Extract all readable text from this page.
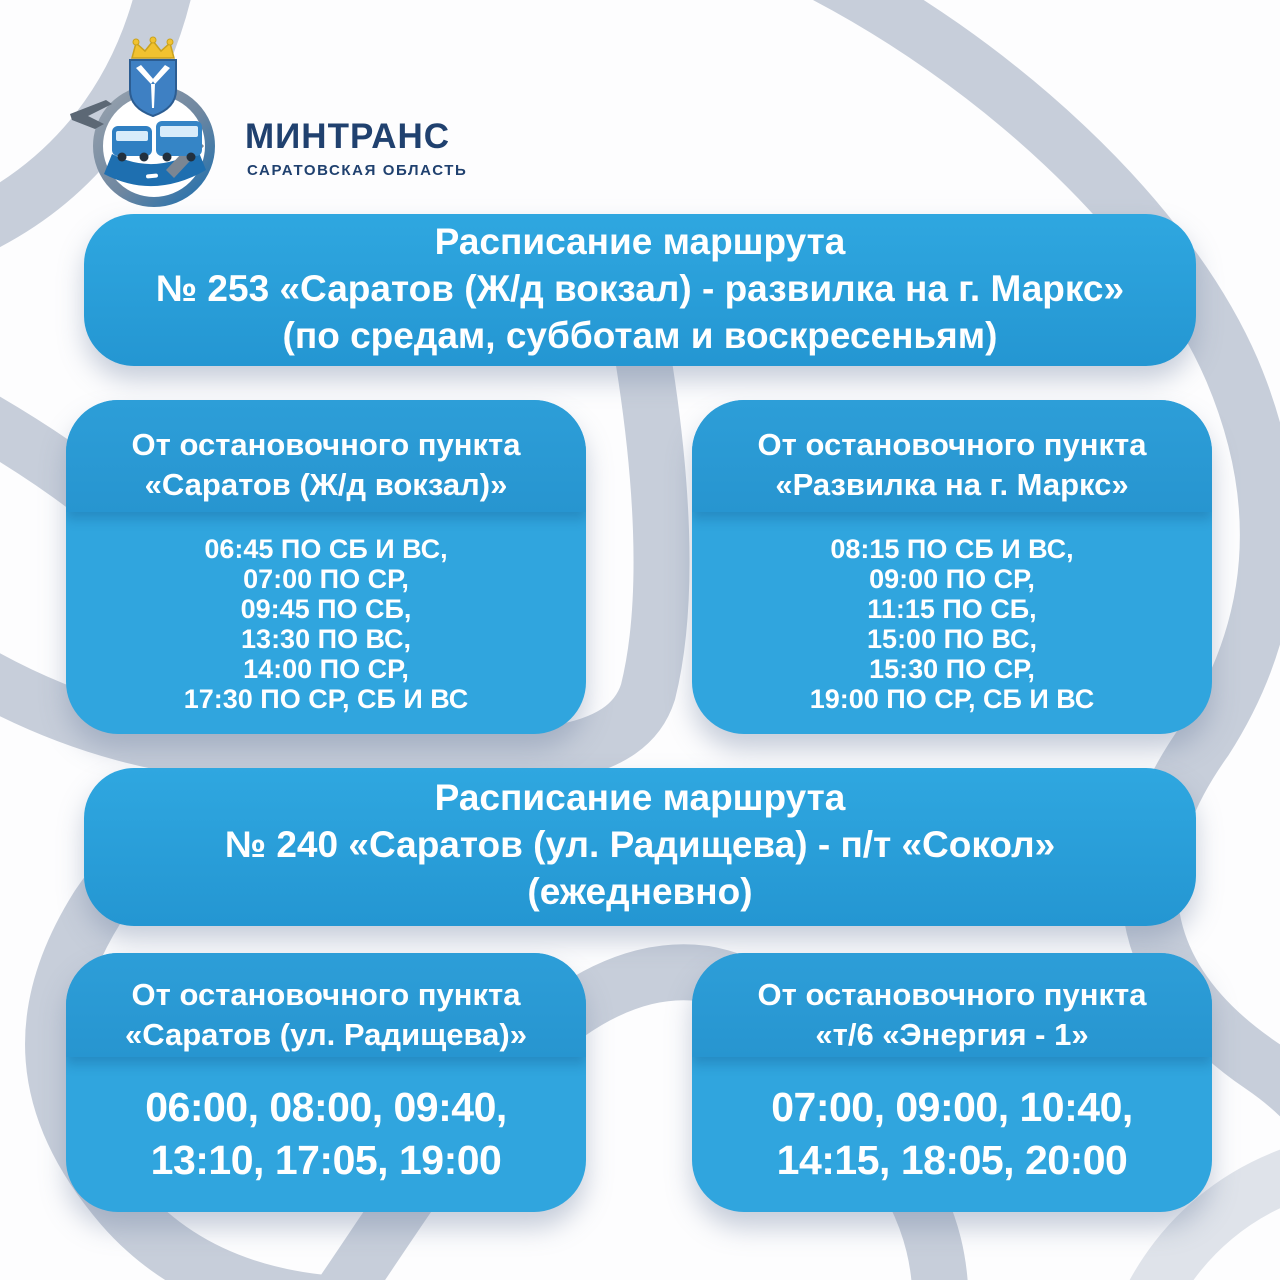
МИНТРАНС
САРАТОВСКАЯ ОБЛАСТЬ
Расписание маршрута
№ 253 «Саратов (Ж/д вокзал) - развилка на г. Маркс»
(по средам, субботам и воскресеньям)
От остановочного пункта
«Саратов (Ж/д вокзал)»
06:45 ПО СБ И ВС,
07:00 ПО СР,
09:45 ПО СБ,
13:30 ПО ВС,
14:00 ПО СР,
17:30 ПО СР, СБ И ВС
От остановочного пункта
«Развилка на г. Маркс»
08:15 ПО СБ И ВС,
09:00 ПО СР,
11:15 ПО СБ,
15:00 ПО ВС,
15:30 ПО СР,
19:00 ПО СР, СБ И ВС
Расписание маршрута
№ 240 «Саратов (ул. Радищева) - п/т «Сокол»
(ежедневно)
От остановочного пункта
«Саратов (ул. Радищева)»
06:00, 08:00, 09:40,
13:10, 17:05, 19:00
От остановочного пункта
«т/6 «Энергия - 1»
07:00, 09:00, 10:40,
14:15, 18:05, 20:00
